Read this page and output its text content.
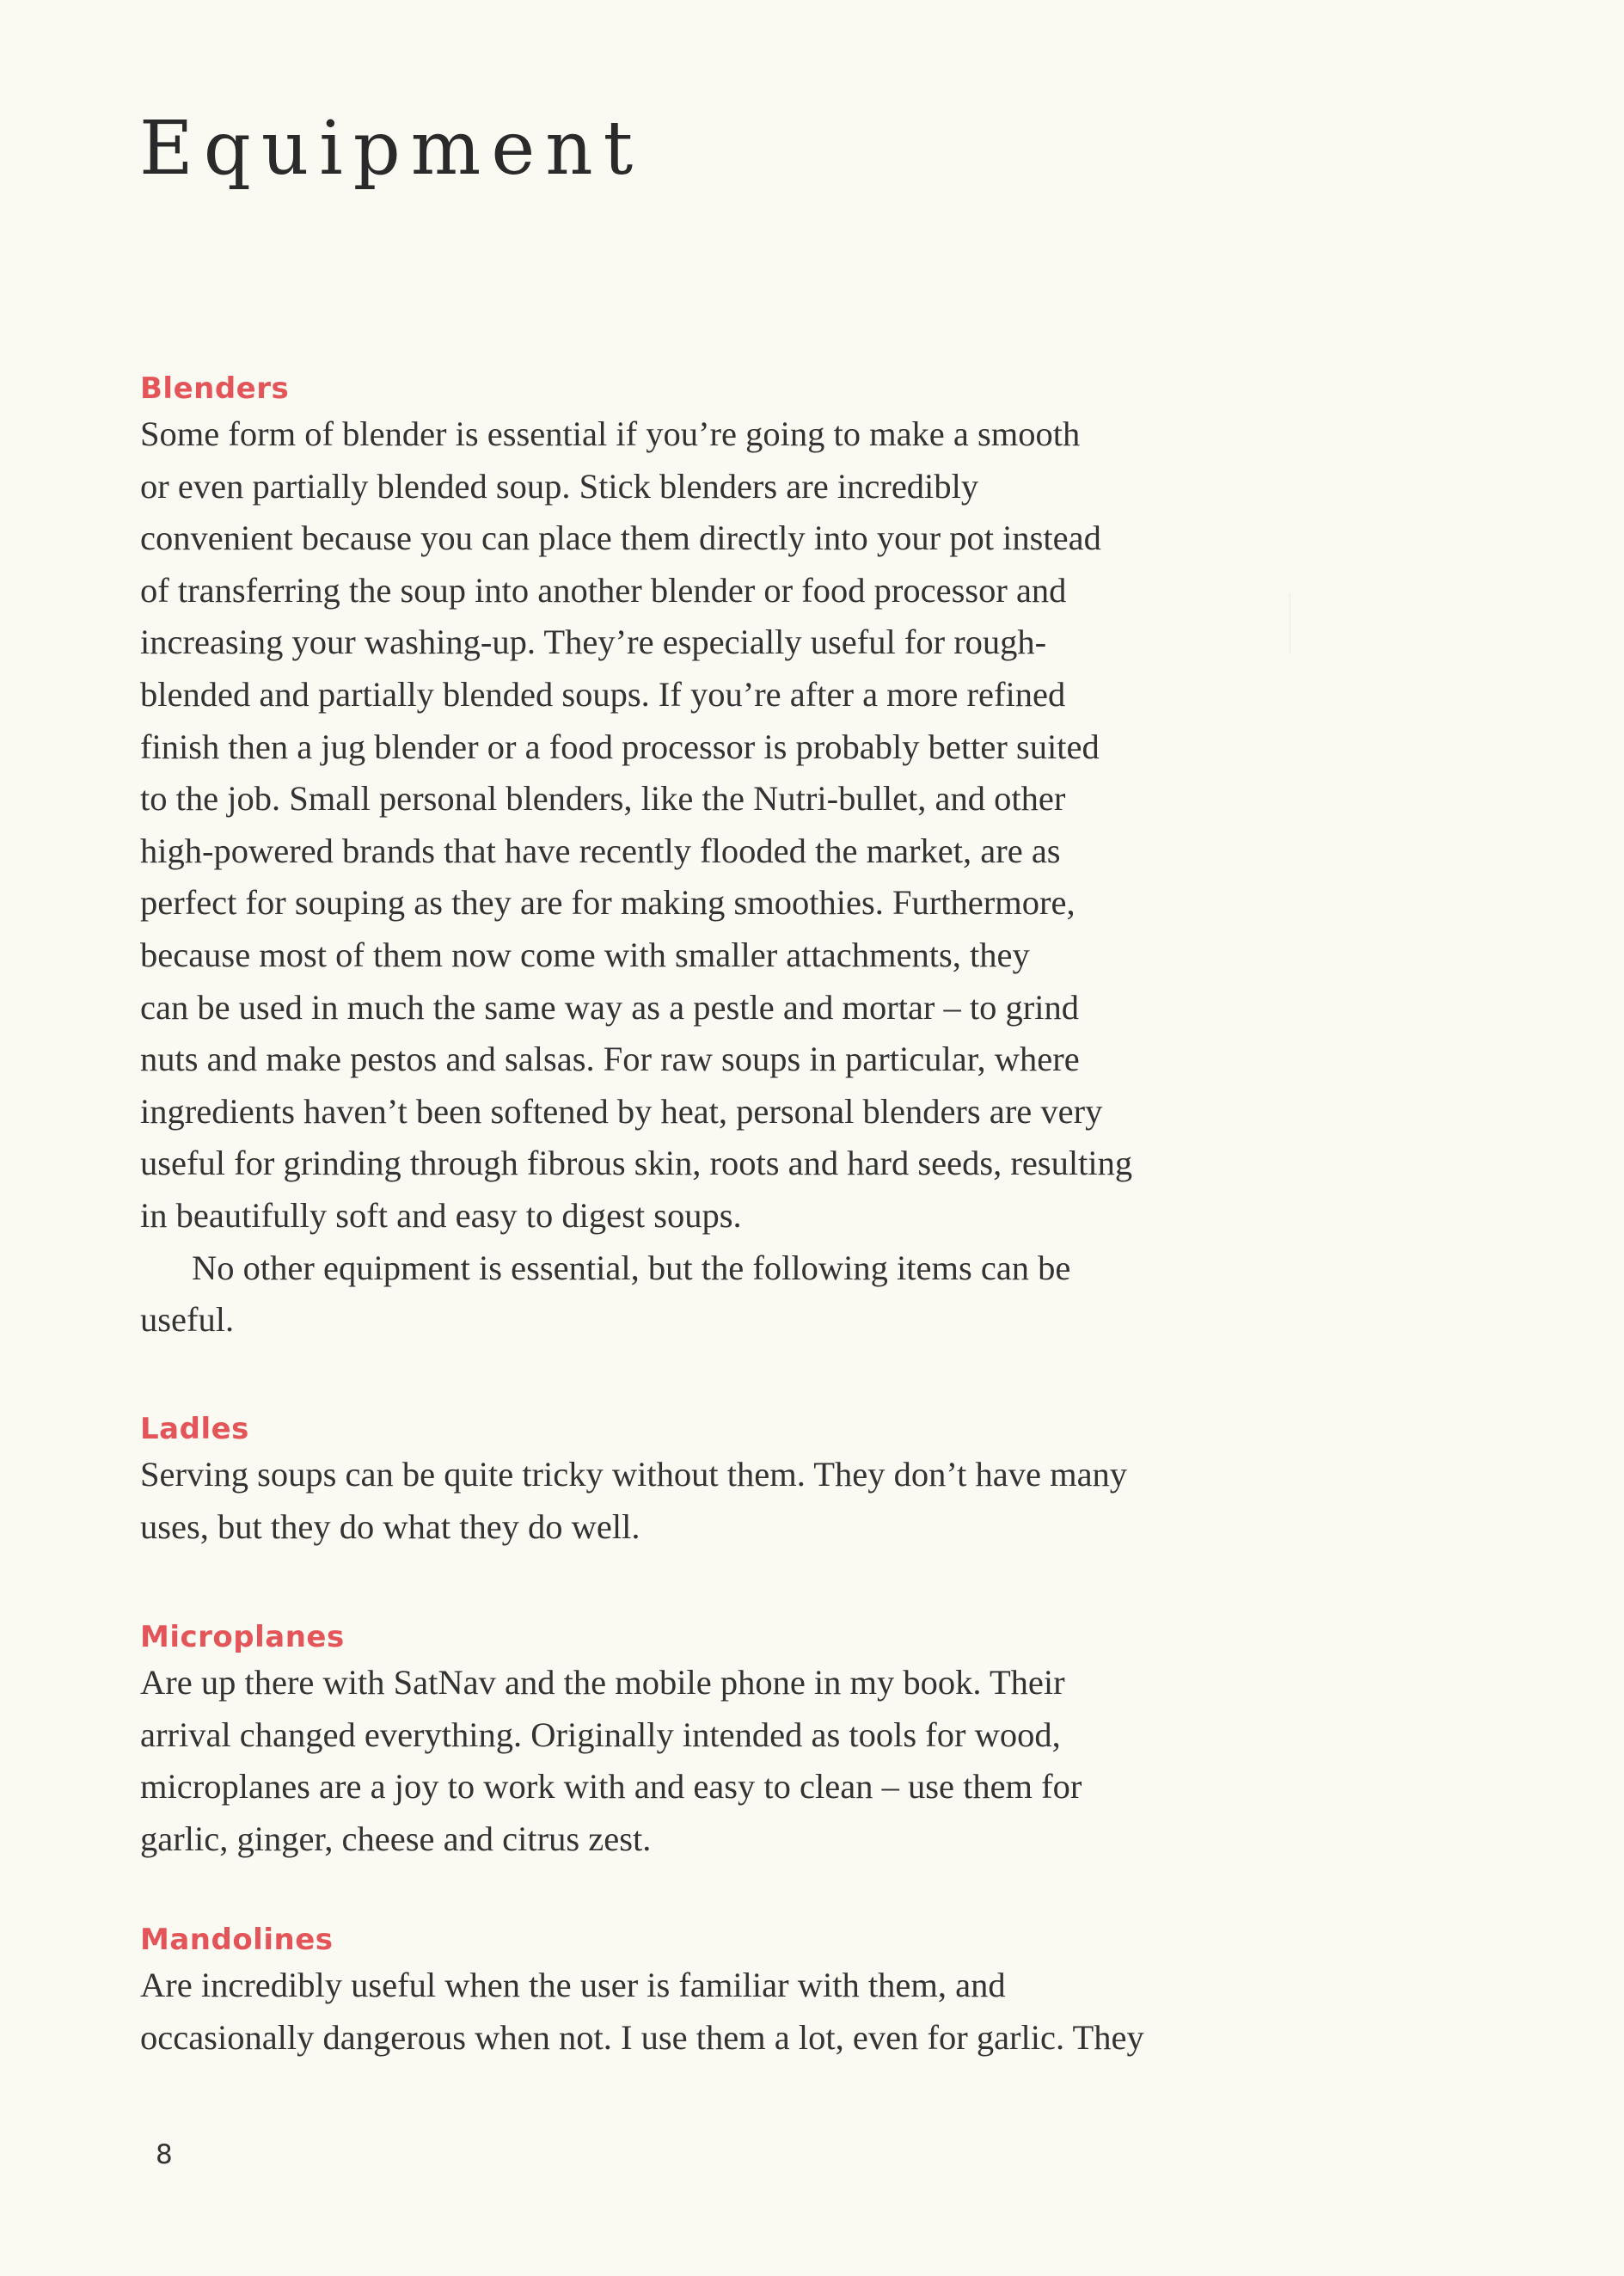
Equipment
Blenders

Some form of blender is essential if you’re going to make a smooth
or even partially blended soup. Stick blenders are incredibly
convenient because you can place them directly into your pot instead
of transferring the soup into another blender or food processor and
increasing your washing-up. They’re especially useful for rough-
blended and partially blended soups. If you’re after a more refined
finish then a jug blender or a food processor is probably better suited
to the job. Small personal blenders, like the Nutri-bullet, and other
high-powered brands that have recently flooded the market, are as
perfect for souping as they are for making smoothies. Furthermore,
because most of them now come with smaller attachments, they
can be used in much the same way as a pestle and mortar – to grind
nuts and make pestos and salsas. For raw soups in particular, where
ingredients haven’t been softened by heat, personal blenders are very
useful for grinding through fibrous skin, roots and hard seeds, resulting
in beautifully soft and easy to digest soups.

No other equipment is essential, but the following items can be
useful.

Ladles

Serving soups can be quite tricky without them. They don’t have many
uses, but they do what they do well.

Microplanes

Are up there with SatNav and the mobile phone in my book. Their
arrival changed everything. Originally intended as tools for wood,
microplanes are a joy to work with and easy to clean – use them for
garlic, ginger, cheese and citrus zest.

Mandolines

Are incredibly useful when the user is familiar with them, and
occasionally dangerous when not. I use them a lot, even for garlic. They

8
